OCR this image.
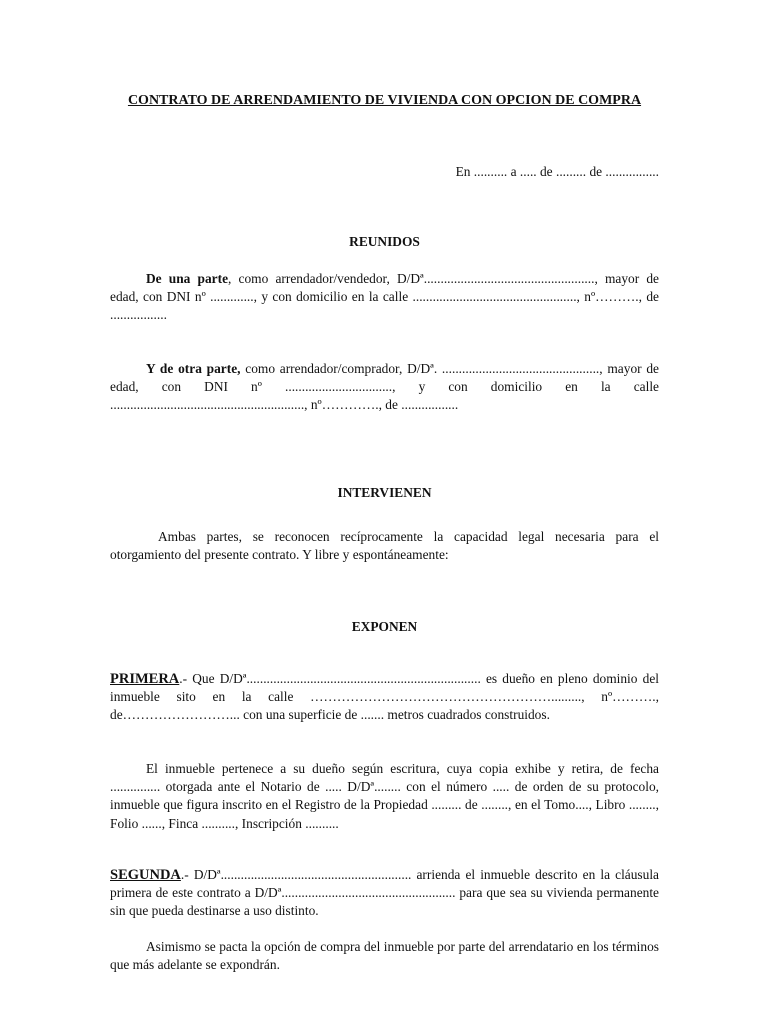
CONTRATO DE ARRENDAMIENTO DE VIVIENDA CON OPCION DE COMPRA
En .......... a ..... de ......... de ................
REUNIDOS
De una parte, como arrendador/vendedor, D/Dª..................................................., mayor de edad, con DNI nº ............., y con domicilio en la calle ................................................., nº………., de .................
Y de otra parte, como arrendador/comprador, D/Dª. ..............................................., mayor de edad, con DNI nº ................................, y con domicilio en la calle .........................................................., nº…………., de .................
INTERVIENEN
Ambas partes, se reconocen recíprocamente la capacidad legal necesaria para el otorgamiento del presente contrato. Y libre y espontáneamente:
EXPONEN
PRIMERA.- Que D/Dª...................................................................... es dueño en pleno dominio del inmueble sito en la calle ………………………………………………........., nº………., de……………………... con una superficie de ....... metros cuadrados construidos.
El inmueble pertenece a su dueño según escritura, cuya copia exhibe y retira, de fecha ............... otorgada ante el Notario de ..... D/Dª........ con el número ..... de orden de su protocolo, inmueble que figura inscrito en el Registro de la Propiedad ......... de ........, en el Tomo...., Libro ........, Folio ......, Finca .........., Inscripción ..........
SEGUNDA.- D/Dª......................................................... arrienda el inmueble descrito en la cláusula primera de este contrato a D/Dª.................................................... para que sea su vivienda permanente sin que pueda destinarse a uso distinto.
Asimismo se pacta la opción de compra del inmueble por parte del arrendatario en los términos que más adelante se expondrán.
